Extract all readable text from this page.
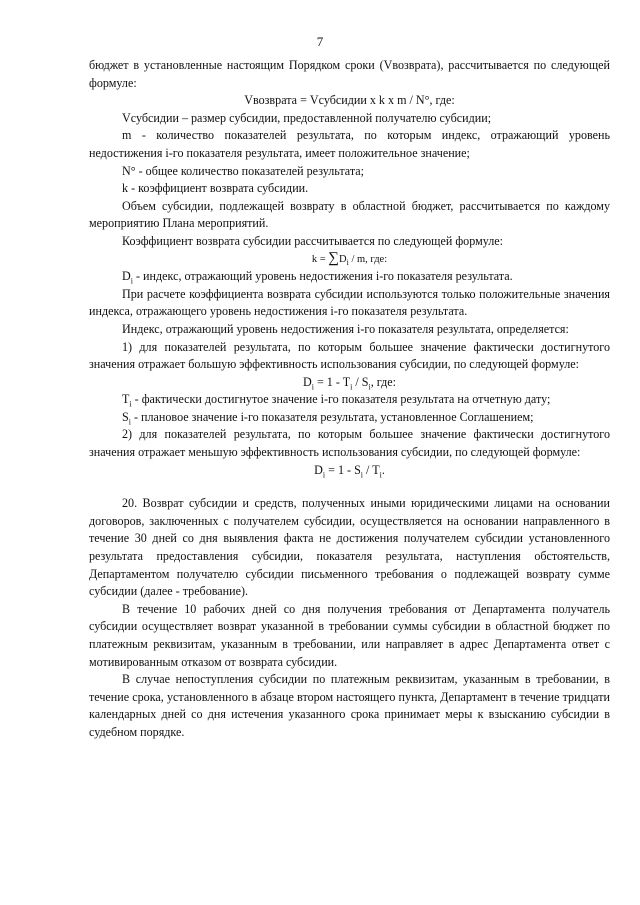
7

бюджет в установленные настоящим Порядком сроки (Vвозврата), рассчитывается по следующей формуле:

Vвозврата = Vсубсидии x k x m / N°, где:

Vсубсидии – размер субсидии, предоставленной получателю субсидии;

m - количество показателей результата, по которым индекс, отражающий уровень недостижения i-го показателя результата, имеет положительное значение;

N° - общее количество показателей результата;

k - коэффициент возврата субсидии.

Объем субсидии, подлежащей возврату в областной бюджет, рассчитывается по каждому мероприятию Плана мероприятий.

Коэффициент возврата субсидии рассчитывается по следующей формуле:

$k = \sum D_i / m$, где:

$D_i$ - индекс, отражающий уровень недостижения i-го показателя результата.

При расчете коэффициента возврата субсидии используются только положительные значения индекса, отражающего уровень недостижения i-го показателя результата.

Индекс, отражающий уровень недостижения i-го показателя результата, определяется:

1) для показателей результата, по которым большее значение фактически достигнутого значения отражает большую эффективность использования субсидии, по следующей формуле:

$D_i = 1 - T_i / S_i$, где:

$T_i$ - фактически достигнутое значение i-го показателя результата на отчетную дату;

$S_i$ - плановое значение i-го показателя результата, установленное Соглашением;

2) для показателей результата, по которым большее значение фактически достигнутого значения отражает меньшую эффективность использования субсидии, по следующей формуле:

$D_i = 1 - S_i / T_i$.

20. Возврат субсидии и средств, полученных иными юридическими лицами на основании договоров, заключенных с получателем субсидии, осуществляется на основании направленного в течение 30 дней со дня выявления факта не достижения получателем субсидии установленного результата предоставления субсидии, показателя результата, наступления обстоятельств, Департаментом получателю субсидии письменного требования о подлежащей возврату сумме субсидии (далее - требование).

В течение 10 рабочих дней со дня получения требования от Департамента получатель субсидии осуществляет возврат указанной в требовании суммы субсидии в областной бюджет по платежным реквизитам, указанным в требовании, или направляет в адрес Департамента ответ с мотивированным отказом от возврата субсидии.

В случае непоступления субсидии по платежным реквизитам, указанным в требовании, в течение срока, установленного в абзаце втором настоящего пункта, Департамент в течение тридцати календарных дней со дня истечения указанного срока принимает меры к взысканию субсидии в судебном порядке.
